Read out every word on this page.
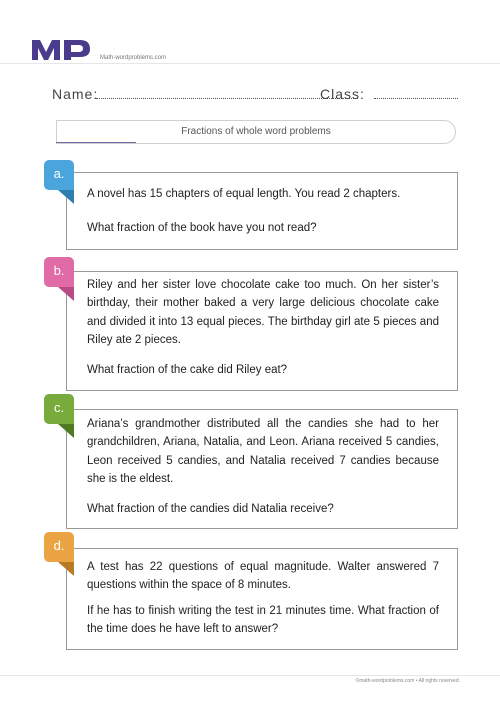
Math-wordproblems.com
Name:	Class:
Fractions of whole word problems
A novel has 15 chapters of equal length. You read 2 chapters.
What fraction of the book have you not read?
a.
Riley and her sister love chocolate cake too much. On her sister’s birthday, their mother baked a very large delicious chocolate cake and divided it into 13 equal pieces. The birthday girl ate 5 pieces and Riley ate 2 pieces.
What fraction of the cake did Riley eat?
b.
Ariana’s grandmother distributed all the candies she had to her grandchildren, Ariana, Natalia, and Leon. Ariana received 5 candies, Leon received 5 candies, and Natalia received 7 candies because she is the eldest.
What fraction of the candies did Natalia receive?
c.
A test has 22 questions of equal magnitude. Walter answered 7 questions within the space of 8 minutes.
If he has to finish writing the test in 21 minutes time. What fraction of the time does he have left to answer?
d.
©math-wordproblems.com • All rights reserved.
